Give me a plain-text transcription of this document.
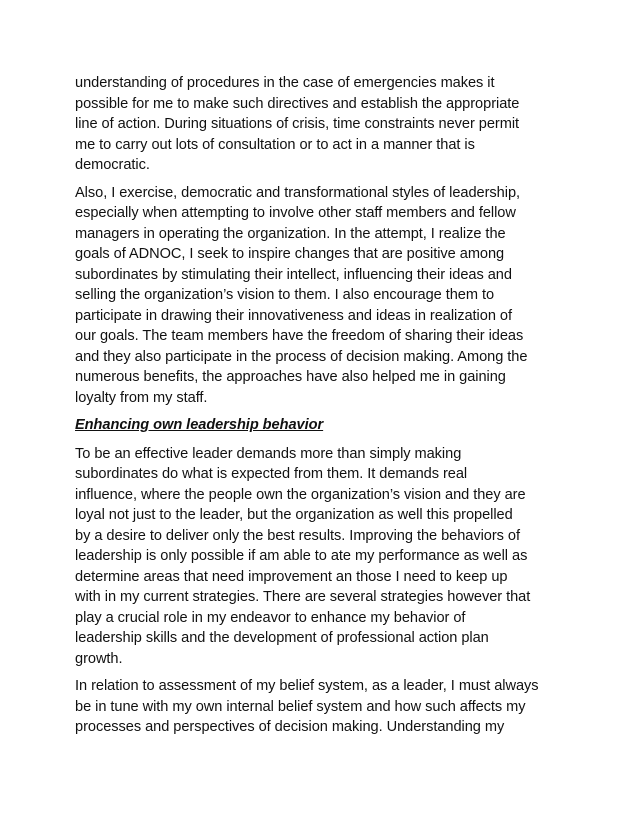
understanding of procedures in the case of emergencies makes it
possible for me to make such directives and establish the appropriate
line of action. During situations of crisis, time constraints never permit
me to carry out lots of consultation or to act in a manner that is
democratic.

Also, I exercise, democratic and transformational styles of leadership,
especially when attempting to involve other staff members and fellow
managers in operating the organization. In the attempt, I realize the
goals of ADNOC, I seek to inspire changes that are positive among
subordinates by stimulating their intellect, influencing their ideas and
selling the organization’s vision to them. I also encourage them to
participate in drawing their innovativeness and ideas in realization of
our goals. The team members have the freedom of sharing their ideas
and they also participate in the process of decision making. Among the
numerous benefits, the approaches have also helped me in gaining
loyalty from my staff.

Enhancing own leadership behavior

To be an effective leader demands more than simply making
subordinates do what is expected from them. It demands real
influence, where the people own the organization’s vision and they are
loyal not just to the leader, but the organization as well this propelled
by a desire to deliver only the best results. Improving the behaviors of
leadership is only possible if am able to ate my performance as well as
determine areas that need improvement an those I need to keep up
with in my current strategies. There are several strategies however that
play a crucial role in my endeavor to enhance my behavior of
leadership skills and the development of professional action plan
growth.

In relation to assessment of my belief system, as a leader, I must always
be in tune with my own internal belief system and how such affects my
processes and perspectives of decision making. Understanding my
